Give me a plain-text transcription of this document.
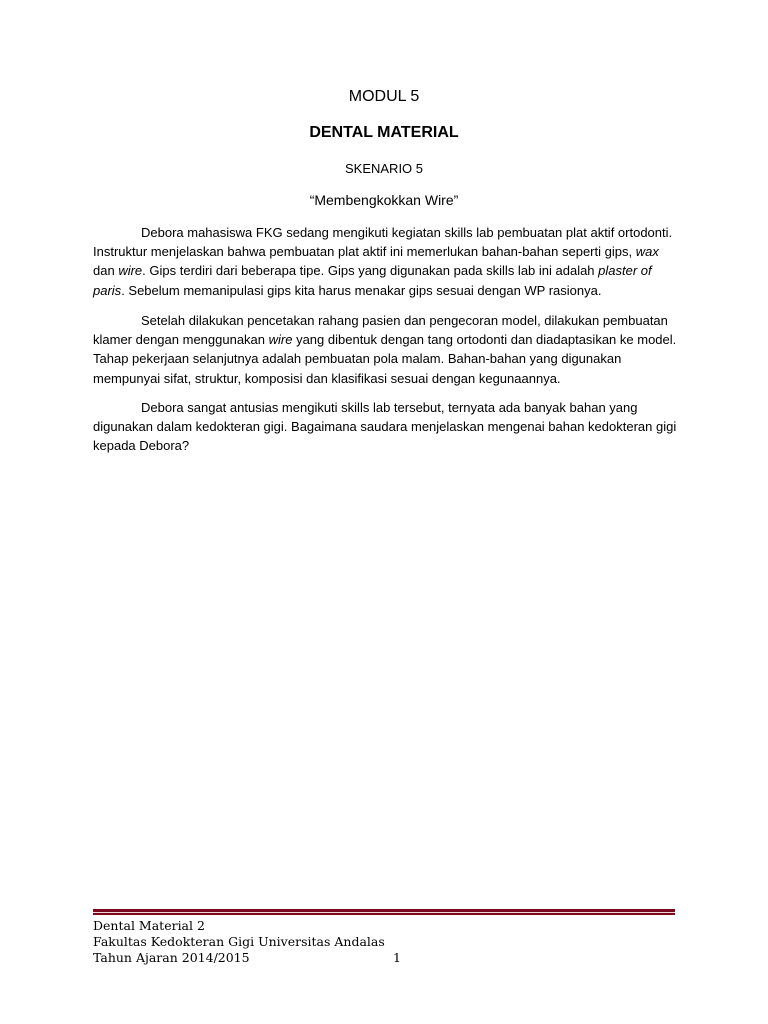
MODUL 5
DENTAL MATERIAL
SKENARIO 5
“Membengkokkan Wire”

Debora mahasiswa FKG sedang mengikuti kegiatan skills lab pembuatan plat aktif ortodonti. Instruktur menjelaskan bahwa pembuatan plat aktif ini memerlukan bahan-bahan seperti gips, wax dan wire. Gips terdiri dari beberapa tipe. Gips yang digunakan pada skills lab ini adalah plaster of paris. Sebelum memanipulasi gips kita harus menakar gips sesuai dengan WP rasionya.

Setelah dilakukan pencetakan rahang pasien dan pengecoran model, dilakukan pembuatan klamer dengan menggunakan wire yang dibentuk dengan tang ortodonti dan diadaptasikan ke model. Tahap pekerjaan selanjutnya adalah pembuatan pola malam. Bahan-bahan yang digunakan mempunyai sifat, struktur, komposisi dan klasifikasi sesuai dengan kegunaannya.

Debora sangat antusias mengikuti skills lab tersebut, ternyata ada banyak bahan yang digunakan dalam kedokteran gigi. Bagaimana saudara menjelaskan mengenai bahan kedokteran gigi kepada Debora?

Dental Material 2
Fakultas Kedokteran Gigi Universitas Andalas
Tahun Ajaran 2014/2015	1
